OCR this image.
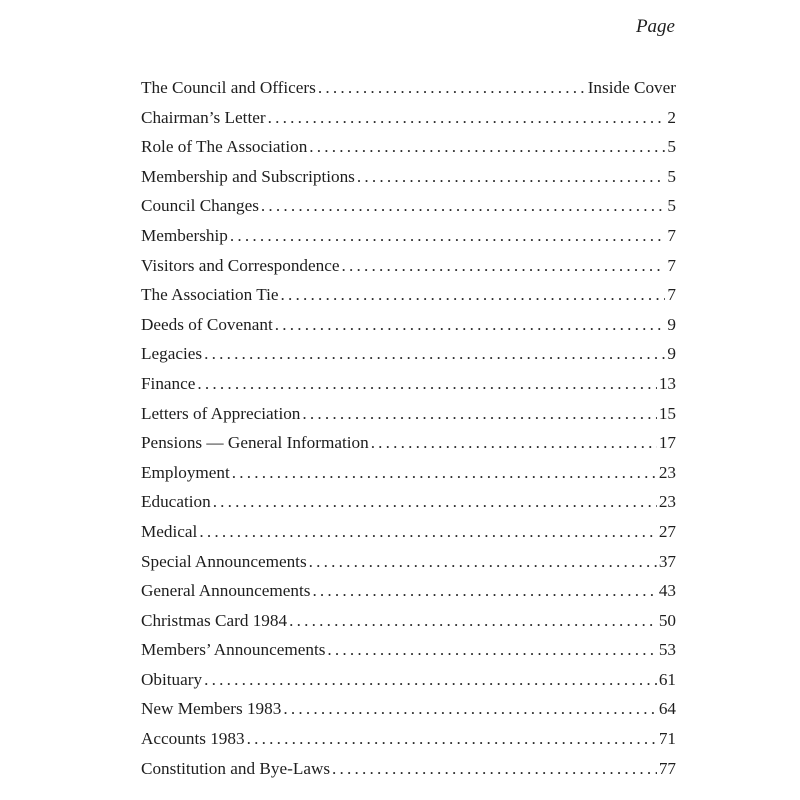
Page
The Council and Officers .....	Inside Cover
Chairman’s Letter .....	2
Role of The Association .....	5
Membership and Subscriptions .....	5
Council Changes .....	5
Membership .....	7
Visitors and Correspondence .....	7
The Association Tie .....	7
Deeds of Covenant .....	9
Legacies .....	9
Finance .....	13
Letters of Appreciation .....	15
Pensions — General Information .....	17
Employment .....	23
Education .....	23
Medical .....	27
Special Announcements .....	37
General Announcements .....	43
Christmas Card 1984 .....	50
Members’ Announcements .....	53
Obituary .....	61
New Members 1983 .....	64
Accounts 1983 .....	71
Constitution and Bye-Laws .....	77
